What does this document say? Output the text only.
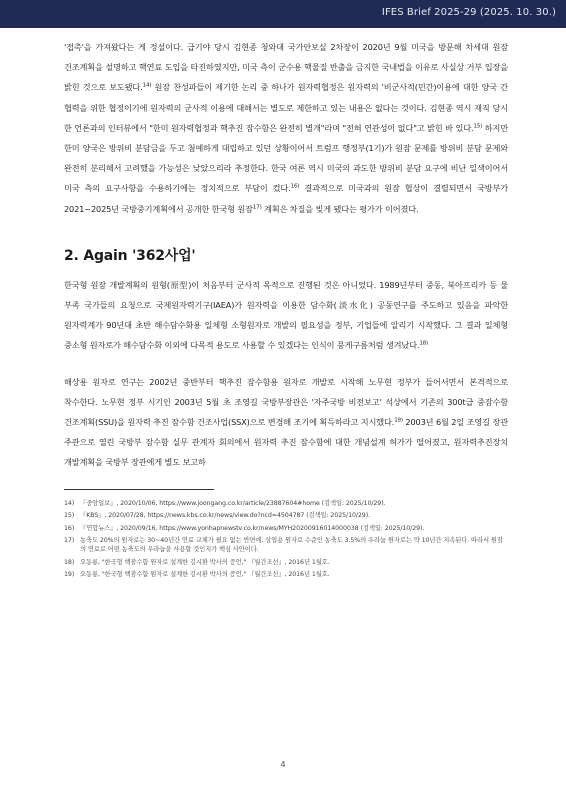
IFES Brief 2025-29 (2025. 10. 30.)

'접촉'을 가져왔다는 게 정설이다. 급기야 당시 김현종 청와대 국가안보실 2차장이 2020년 9월 미국을 방문해 차세대 원잠 건조계획을 설명하고 핵연료 도입을 타진하였지만, 미국 측이 군수용 핵물질 반출을 금지한 국내법을 이유로 사실상 거부 입장을 밝힌 것으로 보도됐다.$^{14)}$ 원잠 찬성파들이 제기한 논리 중 하나가 원자력협정은 원자력의 '비군사적(민간)이용에 대한 양국 간 협력을 위한 협정이기에 원자력의 군사적 이용에 대해서는 별도로 제한하고 있는 내용은 없다는 것이다. 김현종 역시 재직 당시 한 언론과의 인터뷰에서 "한미 원자력협정과 핵추진 잠수함은 완전히 별개"라며 "전혀 연관성이 없다"고 밝힌 바 있다.$^{15)}$ 하지만 한미 양국은 방위비 분담금을 두고 첨예하게 대립하고 있던 상황이어서 트럼프 행정부(1기)가 원잠 문제를 방위비 분담 문제와 완전히 분리해서 고려했을 가능성은 낮았으리라 추정한다. 한국 여론 역시 미국의 과도한 방위비 분담 요구에 비난 일색이어서 미국 측의 요구사항을 수용하기에는 정치적으로 부담이 컸다.$^{16)}$ 결과적으로 미국과의 원잠 협상이 결렬되면서 국방부가 2021~2025년 국방중기계획에서 공개한 한국형 원잠$^{17)}$ 계획은 차질을 빚게 됐다는 평가가 이어졌다.

2. Again '362사업'

한국형 원잠 개발계획의 원형(原型)이 처음부터 군사적 목적으로 진행된 것은 아니었다. 1989년부터 중동, 북아프리카 등 물 부족 국가들의 요청으로 국제원자력기구(IAEA)가 원자력을 이용한 담수화(淡水化) 공동연구를 주도하고 있음을 파악한 원자력계가 90년대 초반 해수담수화용 일체형 소형원자로 개발의 필요성을 정부, 기업들에 알리기 시작했다. 그 결과 일체형 중소형 원자로가 해수담수화 이외에 다목적 용도로 사용할 수 있겠다는 인식이 뭉게구름처럼 생겨났다.$^{18)}$

해상용 원자로 연구는 2002년 중반부터 핵추진 잠수함용 원자로 개발로 시작해 노무현 정부가 들어서면서 본격적으로 착수한다. 노무현 정부 시기인 2003년 5월 초 조영길 국방부장관은 '자주국방 비전보고' 석상에서 기존의 300t급 중잠수함 건조계획(SSU)을 원자력 추진 잠수함 건조사업(SSX)으로 변경해 조기에 획득하라고 지시했다.$^{19)}$ 2003년 6월 2일 조영길 장관 주관으로 열린 국방부 잠수함 실무 관계자 회의에서 원자력 추진 잠수함에 대한 개념설계 허가가 떨어졌고, 원자력추진장치 개발계획을 국방부 장관에게 별도 보고하

14) 『중앙일보』, 2020/10/06, https://www.joongang.co.kr/article/23887604#home (검색일: 2025/10/29).
15) 『KBS』, 2020/07/28, https://news.kbs.co.kr/news/view.do?ncd=4504787 (검색일: 2025/10/29).
16) 『연합뉴스』, 2020/09/16, https://www.yonhapnewstv.co.kr/news/MYH20200916014000038 (검색일: 2025/10/29).
17) 농축도 20%의 원자로는 30~40년간 연료 교체가 필요 없는 반면에, 상업용 원자로 수준인 농축도 3.5%의 우라늄 원자로는 약 10년간 지속된다. 따라서 원잠의 연료로 어떤 농축도의 우라늄을 사용할 것인지가 핵심 사안이다.
18) 오동룡, "한국형 핵잠수함 원자로 설계한 김시환 박사의 증언," 『월간조선』, 2016년 1월호.
19) 오동룡, "한국형 핵잠수함 원자로 설계한 김시환 박사의 증언," 『월간조선』, 2016년 1월호.
4
